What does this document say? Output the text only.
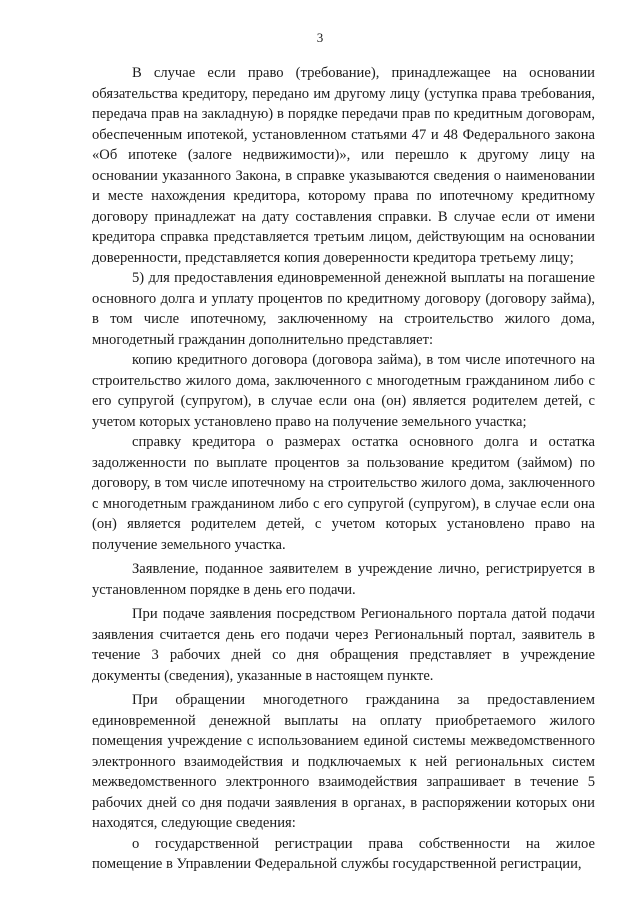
3

В случае если право (требование), принадлежащее на основании обязательства кредитору, передано им другому лицу (уступка права требования, передача прав на закладную) в порядке передачи прав по кредитным договорам, обеспеченным ипотекой, установленном статьями 47 и 48 Федерального закона «Об ипотеке (залоге недвижимости)», или перешло к другому лицу на основании указанного Закона, в справке указываются сведения о наименовании и месте нахождения кредитора, которому права по ипотечному кредитному договору принадлежат на дату составления справки. В случае если от имени кредитора справка представляется третьим лицом, действующим на основании доверенности, представляется копия доверенности кредитора третьему лицу;

5) для предоставления единовременной денежной выплаты на погашение основного долга и уплату процентов по кредитному договору (договору займа), в том числе ипотечному, заключенному на строительство жилого дома, многодетный гражданин дополнительно представляет:

копию кредитного договора (договора займа), в том числе ипотечного на строительство жилого дома, заключенного с многодетным гражданином либо с его супругой (супругом), в случае если она (он) является родителем детей, с учетом которых установлено право на получение земельного участка;

справку кредитора о размерах остатка основного долга и остатка задолженности по выплате процентов за пользование кредитом (займом) по договору, в том числе ипотечному на строительство жилого дома, заключенного с многодетным гражданином либо с его супругой (супругом), в случае если она (он) является родителем детей, с учетом которых установлено право на получение земельного участка.

Заявление, поданное заявителем в учреждение лично, регистрируется в установленном порядке в день его подачи.

При подаче заявления посредством Регионального портала датой подачи заявления считается день его подачи через Региональный портал, заявитель в течение 3 рабочих дней со дня обращения представляет в учреждение документы (сведения), указанные в настоящем пункте.

При обращении многодетного гражданина за предоставлением единовременной денежной выплаты на оплату приобретаемого жилого помещения учреждение с использованием единой системы межведомственного электронного взаимодействия и подключаемых к ней региональных систем межведомственного электронного взаимодействия запрашивает в течение 5 рабочих дней со дня подачи заявления в органах, в распоряжении которых они находятся, следующие сведения:

о государственной регистрации права собственности на жилое помещение в Управлении Федеральной службы государственной регистрации,
